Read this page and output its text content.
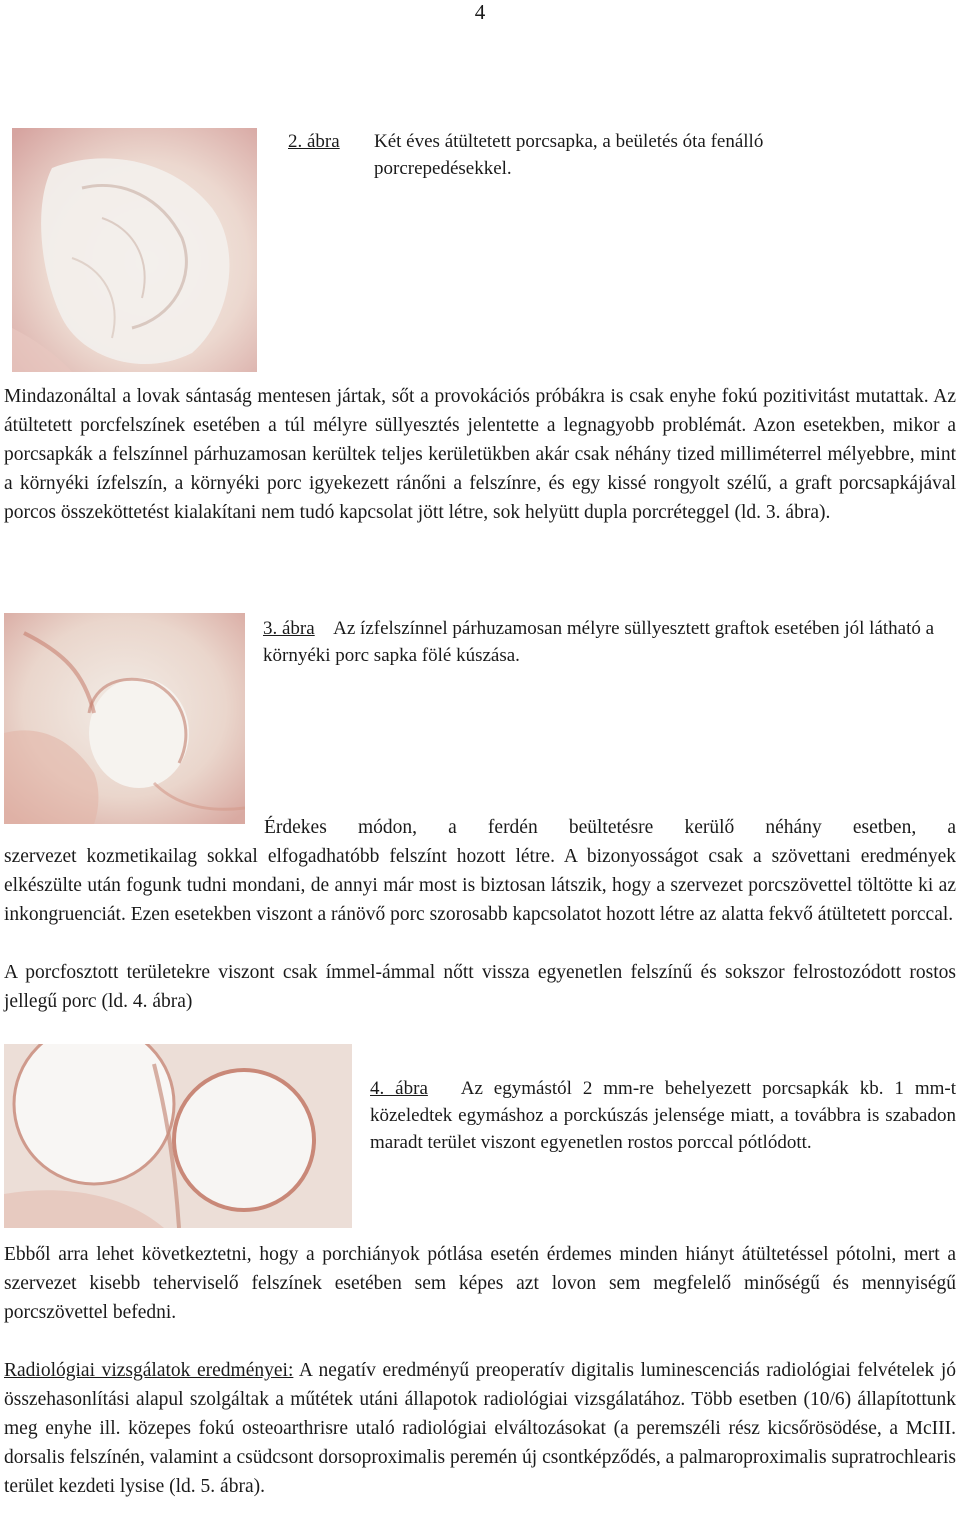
4
2. ábra Két éves átültetett porcsapka, a beületés óta fenálló porcrepedésekkel.
Mindazonáltal a lovak sántaság mentesen jártak, sőt a provokációs próbákra is csak enyhe fokú pozitivitást mutattak. Az átültetett porcfelszínek esetében a túl mélyre süllyesztés jelentette a legnagyobb problémát. Azon esetekben, mikor a porcsapkák a felszínnel párhuzamosan kerültek teljes kerületükben akár csak néhány tized milliméterrel mélyebbre, mint a környéki ízfelszín, a környéki porc igyekezett ránőni a felszínre, és egy kissé rongyolt szélű, a graft porcsapkájával porcos összeköttetést kialakítani nem tudó kapcsolat jött létre, sok helyütt dupla porcréteggel (ld. 3. ábra).
3. ábra Az ízfelszínnel párhuzamosan mélyre süllyesztett graftok esetében jól látható a környéki porc sapka fölé kúszása.
Érdekes módon, a ferdén beültetésre kerülő néhány esetben, a
szervezet kozmetikailag sokkal elfogadhatóbb felszínt hozott létre. A bizonyosságot csak a szövettani eredmények elkészülte után fogunk tudni mondani, de annyi már most is biztosan látszik, hogy a szervezet porcszövettel töltötte ki az inkongruenciát. Ezen esetekben viszont a ránövő porc szorosabb kapcsolatot hozott létre az alatta fekvő átültetett porccal.
A porcfosztott területekre viszont csak ímmel-ámmal nőtt vissza egyenetlen felszínű és sokszor felrostozódott rostos jellegű porc (ld. 4. ábra)
4. ábra Az egymástól 2 mm-re behelyezett porcsapkák kb. 1 mm-t közeledtek egymáshoz a porckúszás jelensége miatt, a továbbra is szabadon maradt terület viszont egyenetlen rostos porccal pótlódott.
Ebből arra lehet következtetni, hogy a porchiányok pótlása esetén érdemes minden hiányt átültetéssel pótolni, mert a szervezet kisebb teherviselő felszínek esetében sem képes azt lovon sem megfelelő minőségű és mennyiségű porcszövettel befedni.
Radiológiai vizsgálatok eredményei: A negatív eredményű preoperatív digitalis luminescenciás radiológiai felvételek jó összehasonlítási alapul szolgáltak a műtétek utáni állapotok radiológiai vizsgálatához. Több esetben (10/6) állapítottunk meg enyhe ill. közepes fokú osteoarthrisre utaló radiológiai elváltozásokat (a peremszéli rész kicsőrösödése, a McIII. dorsalis felszínén, valamint a csüdcsont dorsoproximalis peremén új csontképződés, a palmaroproximalis supratrochlearis terület kezdeti lysise (ld. 5. ábra).
